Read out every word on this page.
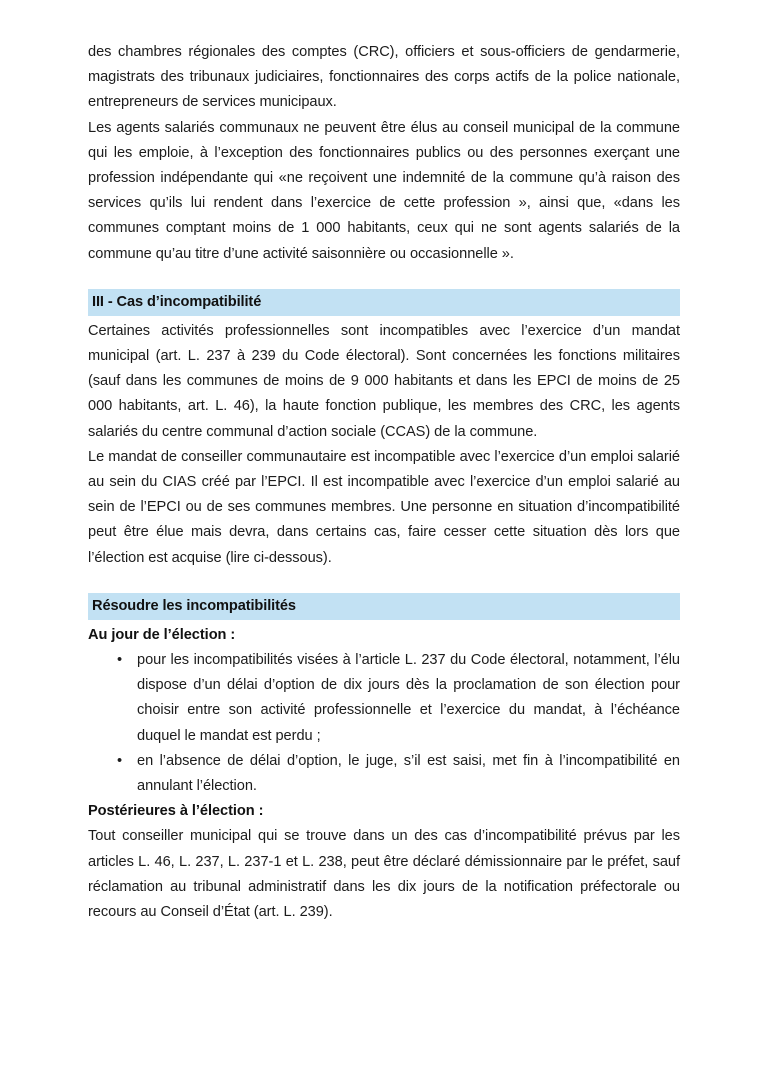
des chambres régionales des comptes (CRC), officiers et sous-officiers de gendarmerie, magistrats des tribunaux judiciaires, fonctionnaires des corps actifs de la police nationale, entrepreneurs de services municipaux.

Les agents salariés communaux ne peuvent être élus au conseil municipal de la commune qui les emploie, à l’exception des fonctionnaires publics ou des personnes exerçant une profession indépendante qui «ne reçoivent une indemnité de la commune qu’à raison des services qu’ils lui rendent dans l’exercice de cette profession », ainsi que, «dans les communes comptant moins de 1 000 habitants, ceux qui ne sont agents salariés de la commune qu’au titre d’une activité saisonnière ou occasionnelle ».

III - Cas d’incompatibilité

Certaines activités professionnelles sont incompatibles avec l’exercice d’un mandat municipal (art. L. 237 à 239 du Code électoral). Sont concernées les fonctions militaires (sauf dans les communes de moins de 9 000 habitants et dans les EPCI de moins de 25 000 habitants, art. L. 46), la haute fonction publique, les membres des CRC, les agents salariés du centre communal d’action sociale (CCAS) de la commune.

Le mandat de conseiller communautaire est incompatible avec l’exercice d’un emploi salarié au sein du CIAS créé par l’EPCI. Il est incompatible avec l’exercice d’un emploi salarié au sein de l’EPCI ou de ses communes membres. Une personne en situation d’incompatibilité peut être élue mais devra, dans certains cas, faire cesser cette situation dès lors que l’élection est acquise (lire ci-dessous).

Résoudre les incompatibilités

Au jour de l’élection :

• pour les incompatibilités visées à l’article L. 237 du Code électoral, notamment, l’élu dispose d’un délai d’option de dix jours dès la proclamation de son élection pour choisir entre son activité professionnelle et l’exercice du mandat, à l’échéance duquel le mandat est perdu ;
• en l’absence de délai d’option, le juge, s’il est saisi, met fin à l’incompatibilité en annulant l’élection.

Postérieures à l’élection :

Tout conseiller municipal qui se trouve dans un des cas d’incompatibilité prévus par les articles L. 46, L. 237, L. 237-1 et L. 238, peut être déclaré démissionnaire par le préfet, sauf réclamation au tribunal administratif dans les dix jours de la notification préfectorale ou recours au Conseil d’État (art. L. 239).
